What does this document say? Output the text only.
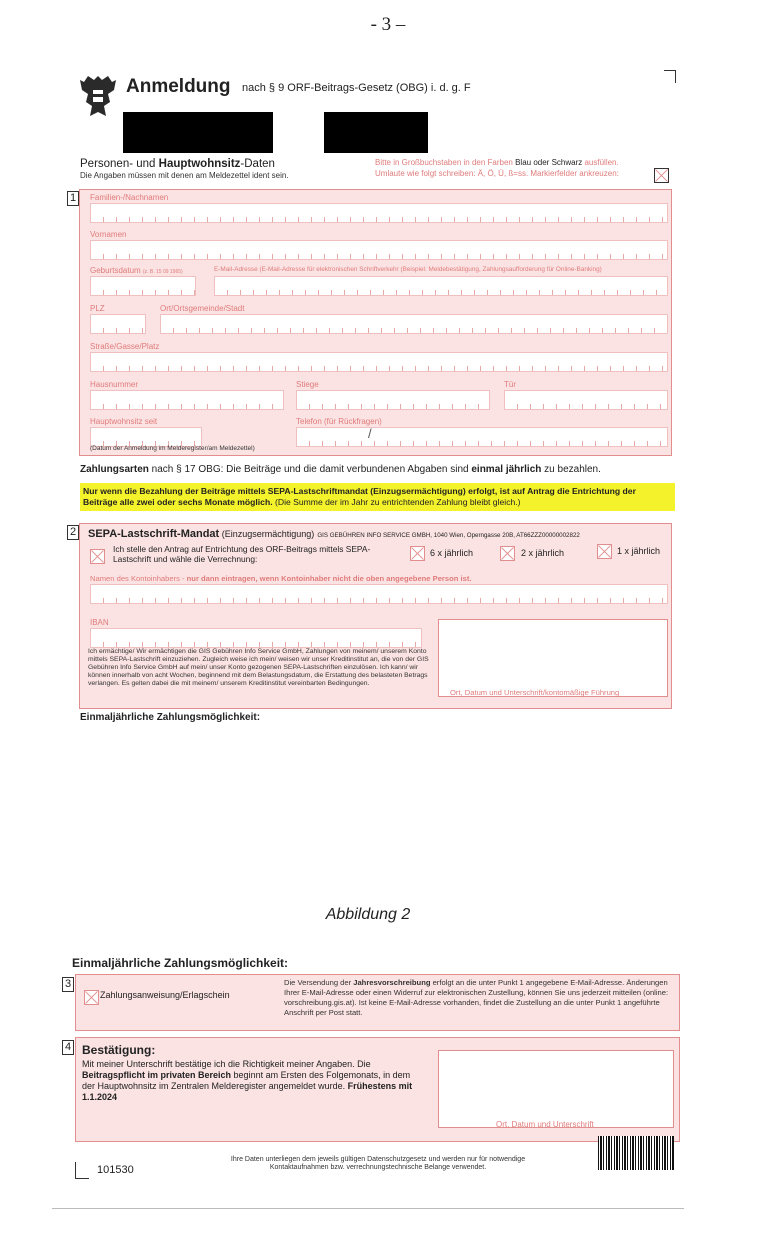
- 3 –
Anmeldung nach § 9 ORF-Beitrags-Gesetz (OBG) i. d. g. F
Personen- und Hauptwohnsitz-Daten
Die Angaben müssen mit denen am Meldezettel ident sein.
Bitte in Großbuchstaben in den Farben Blau oder Schwarz ausfüllen.
Umlaute wie folgt schreiben: Ä, Ö, Ü, ß=ss. Markierfelder ankreuzen:
1	Familien-/Nachnamen
Vornamen
Geburtsdatum (z. B. 15 09 1965)	E-Mail-Adresse (E-Mail-Adresse für elektronischen Schriftverkehr (Beispiel: Meldebestätigung, Zahlungsaufforderung für Online-Banking)
PLZ	Ort/Ortsgemeinde/Stadt
Straße/Gasse/Platz
Hausnummer	Stiege	Tür
Hauptwohnsitz seit	Telefon (für Rückfragen)
/
(Datum der Anmeldung im Melderegister/am Meldezettel)
Zahlungsarten nach § 17 OBG: Die Beiträge und die damit verbundenen Abgaben sind einmal jährlich zu bezahlen.
Nur wenn die Bezahlung der Beiträge mittels SEPA-Lastschriftmandat (Einzugsermächtigung) erfolgt, ist auf Antrag die Entrichtung der Beiträge alle zwei oder sechs Monate möglich. (Die Summe der im Jahr zu entrichtenden Zahlung bleibt gleich.)
2 SEPA-Lastschrift-Mandat (Einzugsermächtigung) GIS GEBÜHREN INFO SERVICE GMBH, 1040 Wien, Operngasse 20B, AT66ZZZ00000002822
Ich stelle den Antrag auf Entrichtung des ORF-Beitrags mittels SEPA-Lastschrift und wähle die Verrechnung:
6 x jährlich	2 x jährlich	1 x jährlich
Namen des Kontoinhabers - nur dann eintragen, wenn Kontoinhaber nicht die oben angegebene Person ist.
IBAN
Ich ermächtige/ Wir ermächtigen die GIS Gebühren Info Service GmbH, Zahlungen von meinem/ unserem Konto mittels SEPA-Lastschrift einzuziehen. Zugleich weise ich mein/ weisen wir unser Kreditinstitut an, die von der GIS Gebühren Info Service GmbH auf mein/ unser Konto gezogenen SEPA-Lastschriften einzulösen. Ich kann/ wir können innerhalb von acht Wochen, beginnend mit dem Belastungsdatum, die Erstattung des belasteten Betrags verlangen. Es gelten dabei die mit meinem/ unserem Kreditinstitut vereinbarten Bedingungen.
Ort, Datum und Unterschrift/kontomäßige Führung
Einmaljährliche Zahlungsmöglichkeit:
Abbildung 2
Einmaljährliche Zahlungsmöglichkeit:
3
Zahlungsanweisung/Erlagschein
Die Versendung der Jahresvorschreibung erfolgt an die unter Punkt 1 angegebene E-Mail-Adresse. Änderungen Ihrer E-Mail-Adresse oder einen Widerruf zur elektronischen Zustellung, können Sie uns jederzeit mitteilen (online: vorschreibung.gis.at). Ist keine E-Mail-Adresse vorhanden, findet die Zustellung an die unter Punkt 1 angeführte Anschrift per Post statt.
4 Bestätigung:
Mit meiner Unterschrift bestätige ich die Richtigkeit meiner Angaben. Die Beitragspflicht im privaten Bereich beginnt am Ersten des Folgemonats, in dem der Hauptwohnsitz im Zentralen Melderegister angemeldet wurde. Frühestens mit 1.1.2024
Ort, Datum und Unterschrift
101530
Ihre Daten unterliegen dem jeweils gültigen Datenschutzgesetz und werden nur für notwendige Kontaktaufnahmen bzw. verrechnungstechnische Belange verwendet.
